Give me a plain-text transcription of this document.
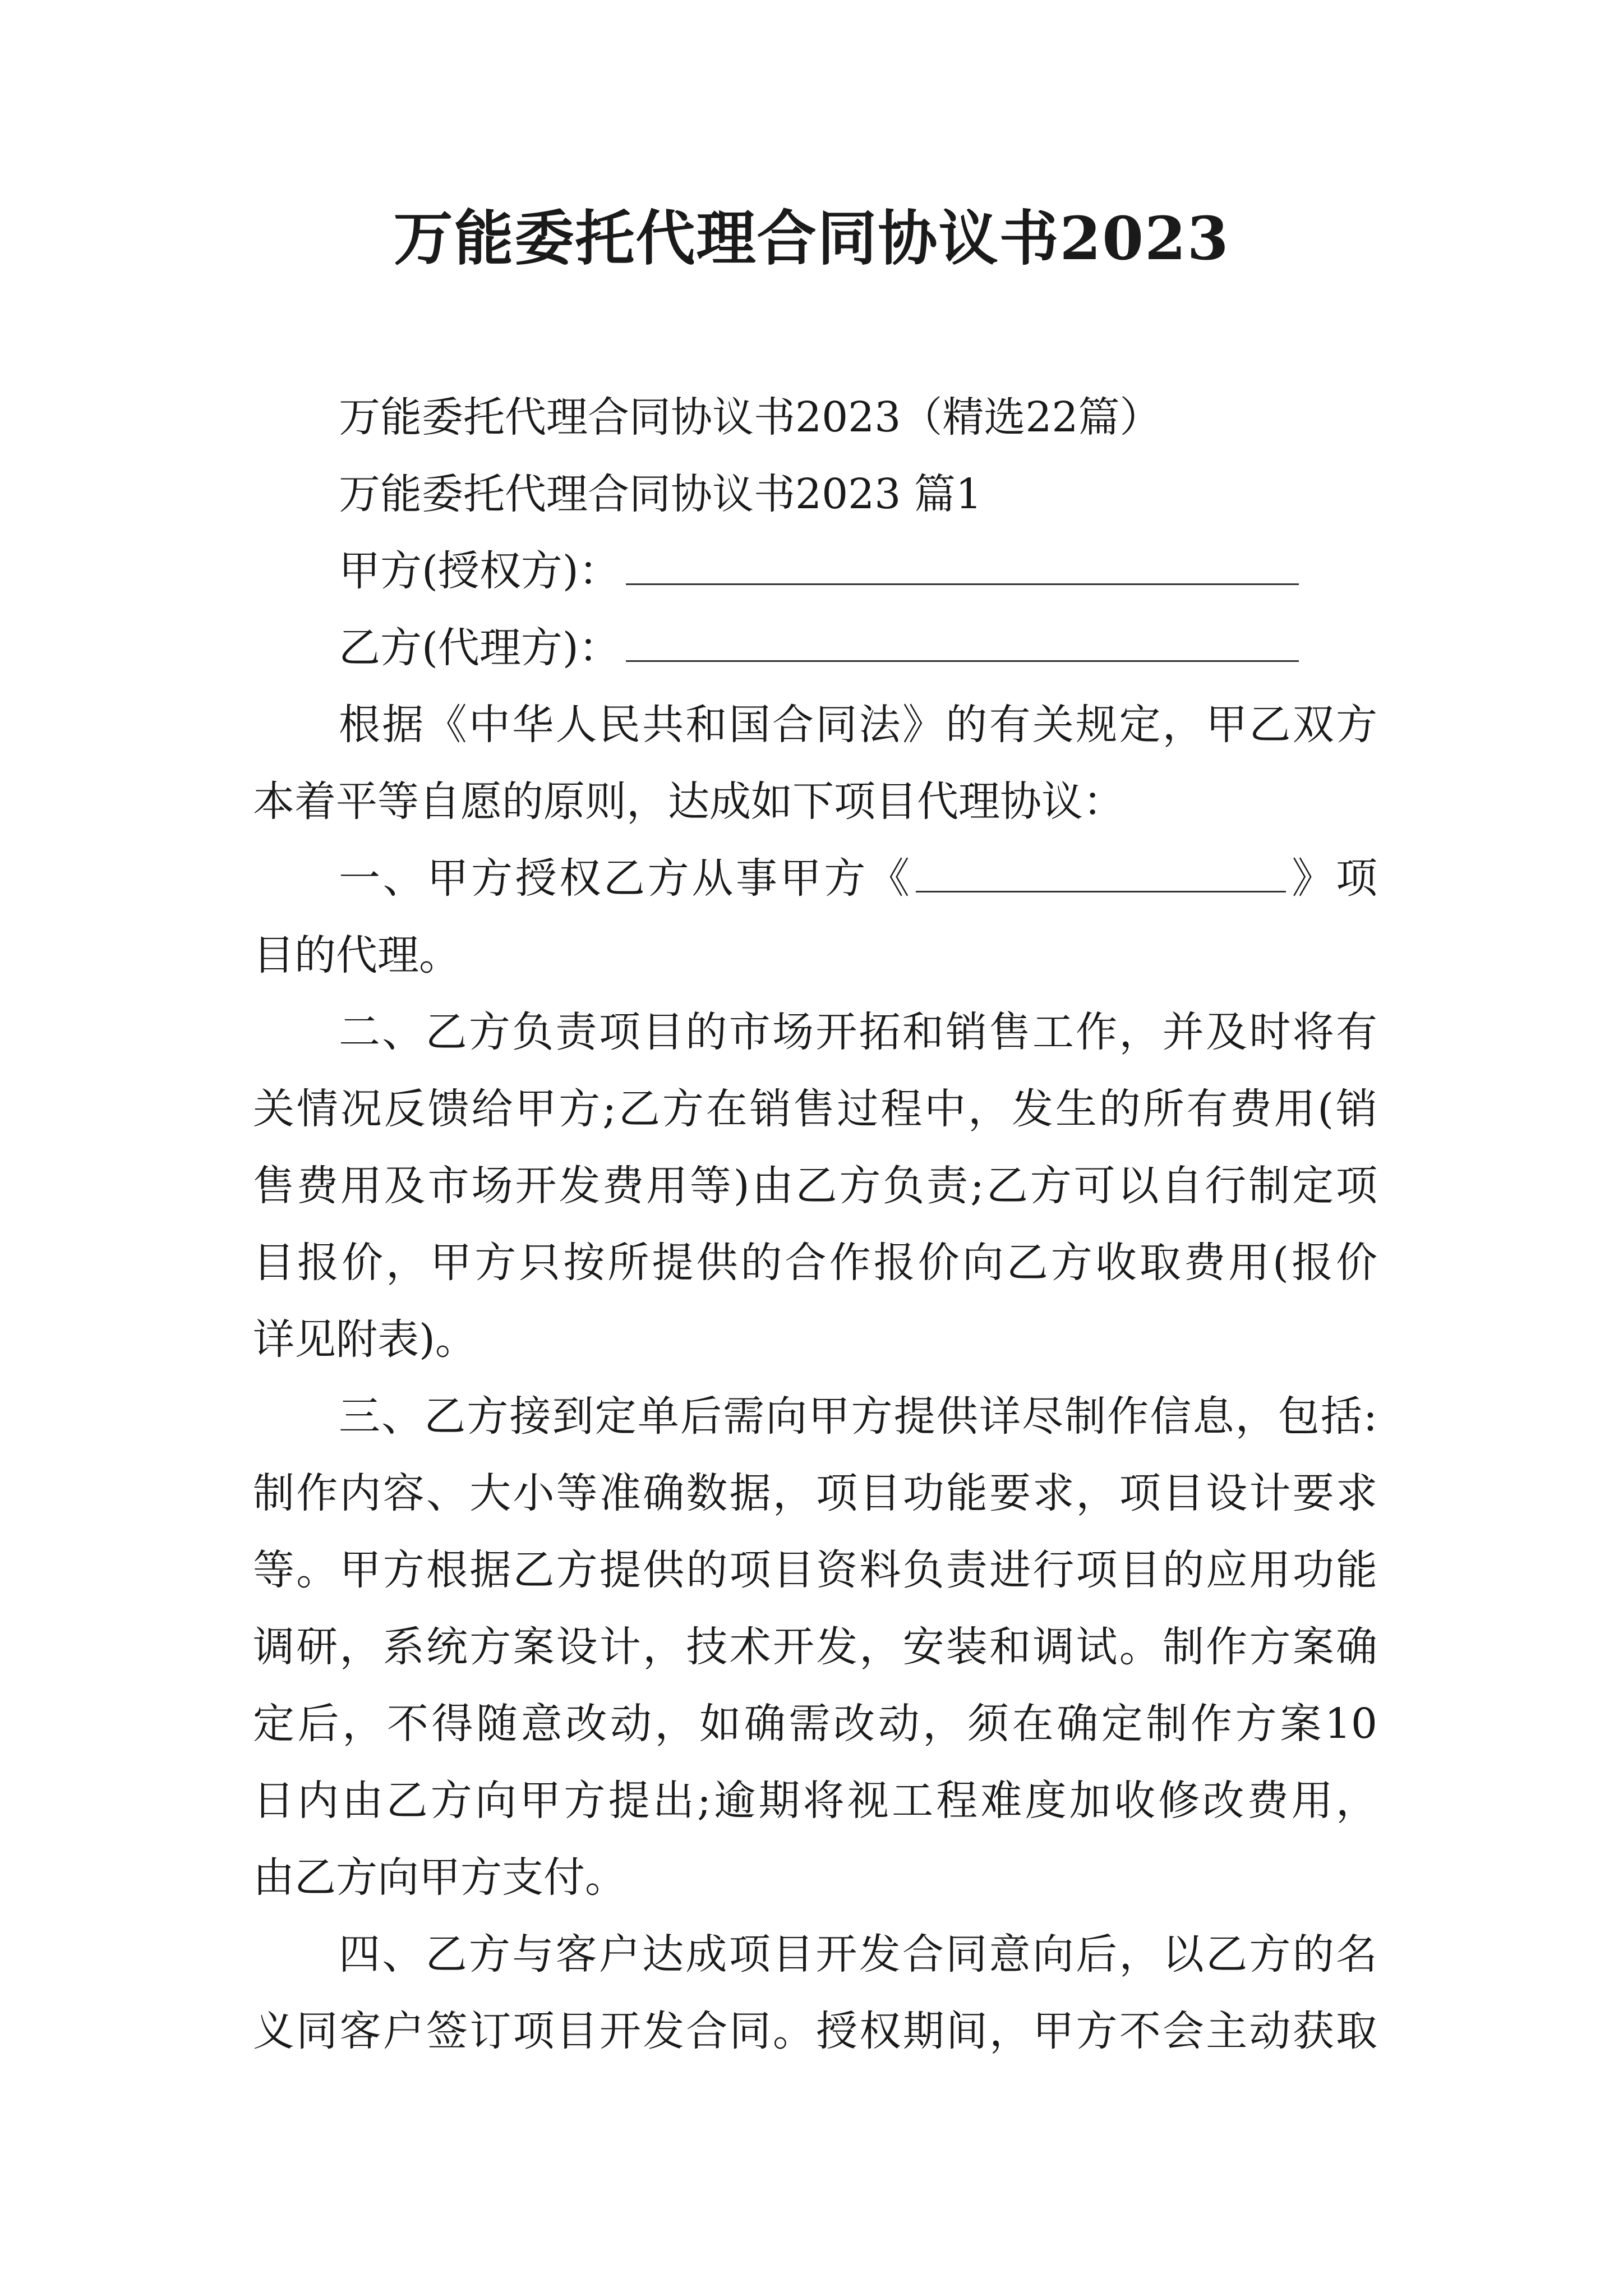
万能委托代理合同协议书2023
万能委托代理合同协议书2023（精选22篇）
万能委托代理合同协议书2023 篇1
甲方(授权方)：
乙方(代理方)：
根据《中华人民共和国合同法》的有关规定，甲乙双方
本着平等自愿的原则，达成如下项目代理协议：
一、甲方授权乙方从事甲方《	》项
目的代理。
二、乙方负责项目的市场开拓和销售工作，并及时将有
关情况反馈给甲方;乙方在销售过程中，发生的所有费用(销
售费用及市场开发费用等)由乙方负责;乙方可以自行制定项
目报价，甲方只按所提供的合作报价向乙方收取费用(报价
详见附表)。
三、乙方接到定单后需向甲方提供详尽制作信息，包括:
制作内容、大小等准确数据，项目功能要求，项目设计要求
等。甲方根据乙方提供的项目资料负责进行项目的应用功能
调研，系统方案设计，技术开发，安装和调试。制作方案确
定后，不得随意改动，如确需改动，须在确定制作方案10
日内由乙方向甲方提出;逾期将视工程难度加收修改费用，
由乙方向甲方支付。
四、乙方与客户达成项目开发合同意向后，以乙方的名
义同客户签订项目开发合同。授权期间，甲方不会主动获取
